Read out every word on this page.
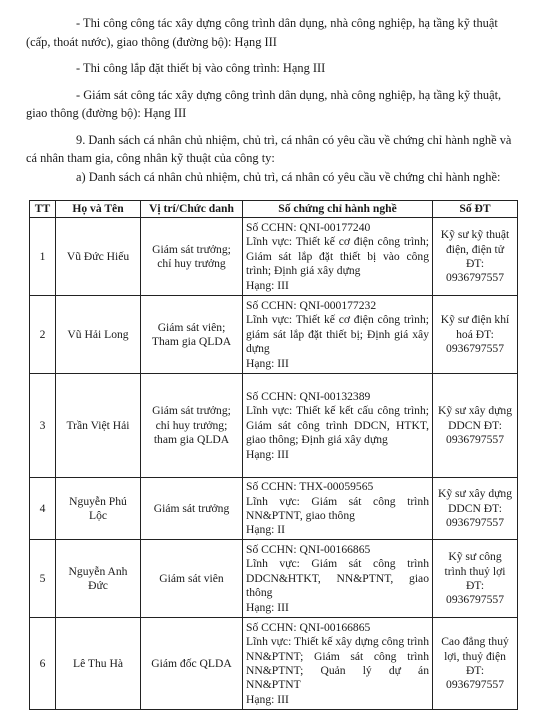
- Thi công công tác xây dựng công trình dân dụng, nhà công nghiệp, hạ tầng kỹ thuật (cấp, thoát nước), giao thông (đường bộ): Hạng III

- Thi công lắp đặt thiết bị vào công trình: Hạng III

- Giám sát công tác xây dựng công trình dân dụng, nhà công nghiệp, hạ tầng kỹ thuật, giao thông (đường bộ): Hạng III

9. Danh sách cá nhân chủ nhiệm, chủ trì, cá nhân có yêu cầu về chứng chỉ hành nghề và cá nhân tham gia, công nhân kỹ thuật của công ty:

a) Danh sách cá nhân chủ nhiệm, chủ trì, cá nhân có yêu cầu về chứng chỉ hành nghề:

TT	Họ và Tên	Vị trí/Chức danh	Số chứng chỉ hành nghề	Số ĐT
1	Vũ Đức Hiếu	Giám sát trưởng; chỉ huy trưởng	Số CCHN: QNI-00177240
Lĩnh vực: Thiết kế cơ điện công trình; Giám sát lắp đặt thiết bị vào công trình; Định giá xây dựng
Hạng: III	Kỹ sư kỹ thuật điện, điện tử ĐT: 0936797557
2	Vũ Hải Long	Giám sát viên; Tham gia QLDA	Số CCHN: QNI-000177232
Lĩnh vực: Thiết kế cơ điện công trình; giám sát lắp đặt thiết bị; Định giá xây dựng
Hạng: III	Kỹ sư điện khí hoá ĐT: 0936797557
3	Trần Việt Hải	Giám sát trưởng; chỉ huy trưởng; tham gia QLDA	Số CCHN: QNI-00132389
Lĩnh vực: Thiết kế kết cấu công trình; Giám sát công trình DDCN, HTKT, giao thông; Định giá xây dựng
Hạng: III	Kỹ sư xây dựng DDCN ĐT: 0936797557
4	Nguyễn Phú Lộc	Giám sát trưởng	Số CCHN: THX-00059565
Lĩnh vực: Giám sát công trình NN&PTNT, giao thông
Hạng: II	Kỹ sư xây dựng DDCN ĐT: 0936797557
5	Nguyễn Anh Đức	Giám sát viên	Số CCHN: QNI-00166865
Lĩnh vực: Giám sát công trình DDCN&HTKT, NN&PTNT, giao thông
Hạng: III	Kỹ sư công trình thuỷ lợi ĐT: 0936797557
6	Lê Thu Hà	Giám đốc QLDA	Số CCHN: QNI-00166865
Lĩnh vực: Thiết kế xây dựng công trình NN&PTNT; Giám sát công trình NN&PTNT; Quản lý dự án NN&PTNT
Hạng: III	Cao đẳng thuỷ lợi, thuỷ điện ĐT: 0936797557
